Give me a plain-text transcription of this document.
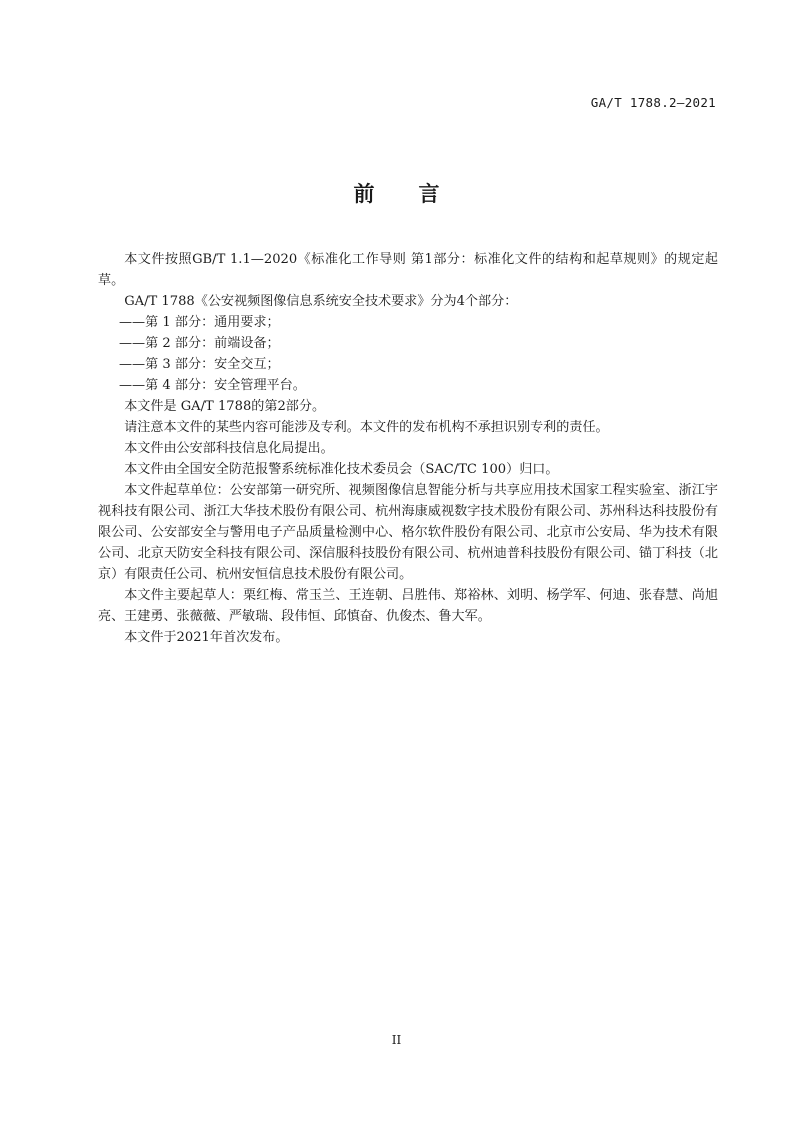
GA/T 1788.2—2021
前言

本文件按照GB/T 1.1—2020《标准化工作导则 第1部分：标准化文件的结构和起草规则》的规定起草。

GA/T 1788《公安视频图像信息系统安全技术要求》分为4个部分：

——第 1 部分：通用要求；

——第 2 部分：前端设备；

——第 3 部分：安全交互；

——第 4 部分：安全管理平台。

本文件是 GA/T 1788的第2部分。

请注意本文件的某些内容可能涉及专利。本文件的发布机构不承担识别专利的责任。

本文件由公安部科技信息化局提出。

本文件由全国安全防范报警系统标准化技术委员会（SAC/TC 100）归口。

本文件起草单位：公安部第一研究所、视频图像信息智能分析与共享应用技术国家工程实验室、浙江宇视科技有限公司、浙江大华技术股份有限公司、杭州海康威视数字技术股份有限公司、苏州科达科技股份有限公司、公安部安全与警用电子产品质量检测中心、格尔软件股份有限公司、北京市公安局、华为技术有限公司、北京天防安全科技有限公司、深信服科技股份有限公司、杭州迪普科技股份有限公司、锚丁科技（北京）有限责任公司、杭州安恒信息技术股份有限公司。

本文件主要起草人：栗红梅、常玉兰、王连朝、吕胜伟、郑裕林、刘明、杨学军、何迪、张春慧、尚旭亮、王建勇、张薇薇、严敏瑞、段伟恒、邱慎奋、仇俊杰、鲁大军。

本文件于2021年首次发布。

II
